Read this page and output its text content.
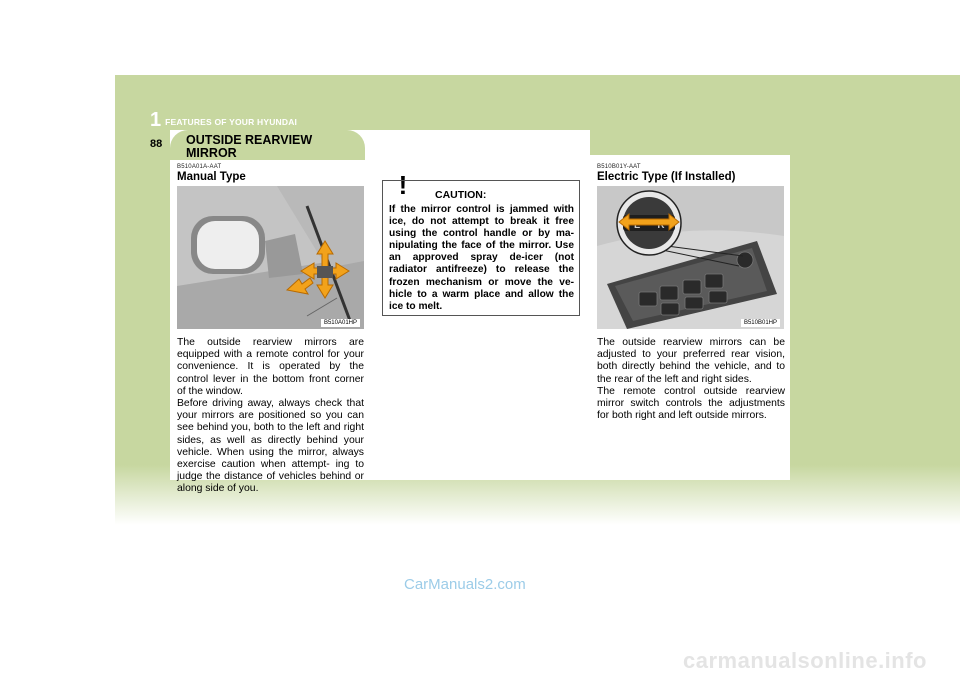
1 FEATURES OF YOUR HYUNDAI
88 OUTSIDE REARVIEW MIRROR
B510A01A-AAT
Manual Type
B510A01HP

The outside rearview mirrors are equipped with a remote control for your convenience. It is operated by the control lever in the bottom front corner of the window.

Before driving away, always check that your mirrors are positioned so you can see behind you, both to the left and right sides, as well as directly behind your vehicle. When using the mirror, always exercise caution when attempt- ing to judge the distance of vehicles behind or along side of you.

!	CAUTION:
If the mirror control is jammed with ice, do not attempt to break it free using the control handle or by ma- nipulating the face of the mirror. Use an approved spray de-icer (not radiator antifreeze) to release the frozen mechanism or move the ve- hicle to a warm place and allow the ice to melt.
B510B01Y-AAT
Electric Type (If Installed)
B510B01HP

The outside rearview mirrors can be adjusted to your preferred rear vision, both directly behind the vehicle, and to the rear of the left and right sides.

The remote control outside rearview mirror switch controls the adjustments for both right and left outside mirrors.

CarManuals2.com
carmanualsonline.info
